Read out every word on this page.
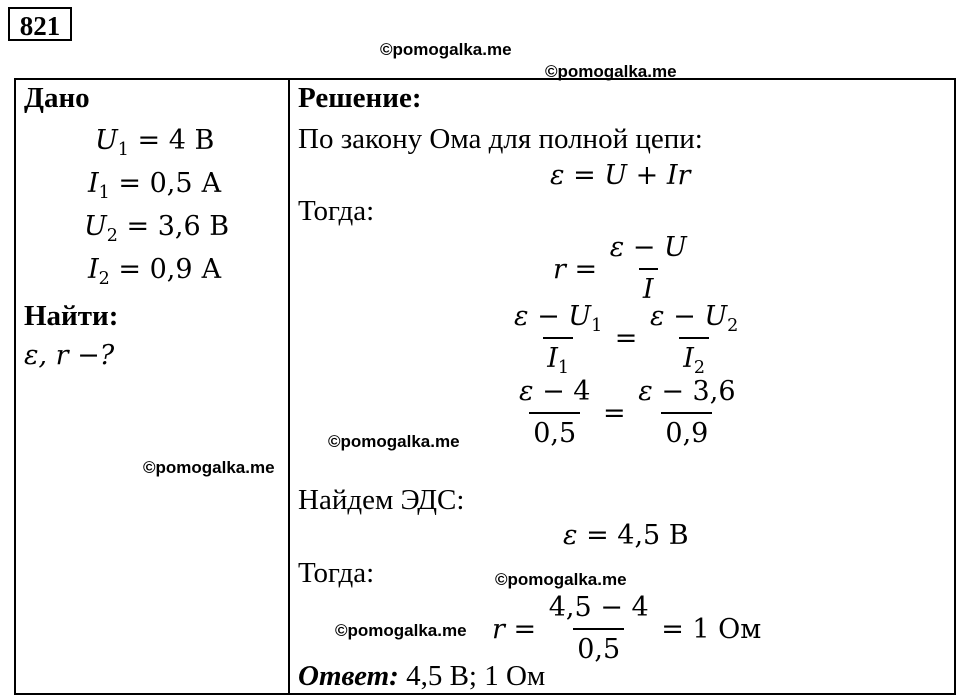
821
©pomogalka.me
©pomogalka.me
©pomogalka.me
©pomogalka.me
©pomogalka.me
©pomogalka.me
Дано
$U_1 = 4$ В
$I_1 = 0,5$ А
$U_2 = 3,6$ В
$I_2 = 0,9$ А
Найти:
ε, r −?
Решение:
По закону Ома для полной цепи:
ε = U + Ir
Тогда:
$r = \frac{\varepsilon - U}{I}$
$\frac{\varepsilon - U_1}{I_1} = \frac{\varepsilon - U_2}{I_2}$
$\frac{\varepsilon - 4}{0,5} = \frac{\varepsilon - 3,6}{0,9}$
Найдем ЭДС:
ε = 4,5 В
Тогда:
$r = \frac{4,5 - 4}{0,5} = 1$ Ом
Ответ: 4,5 В; 1 Ом
